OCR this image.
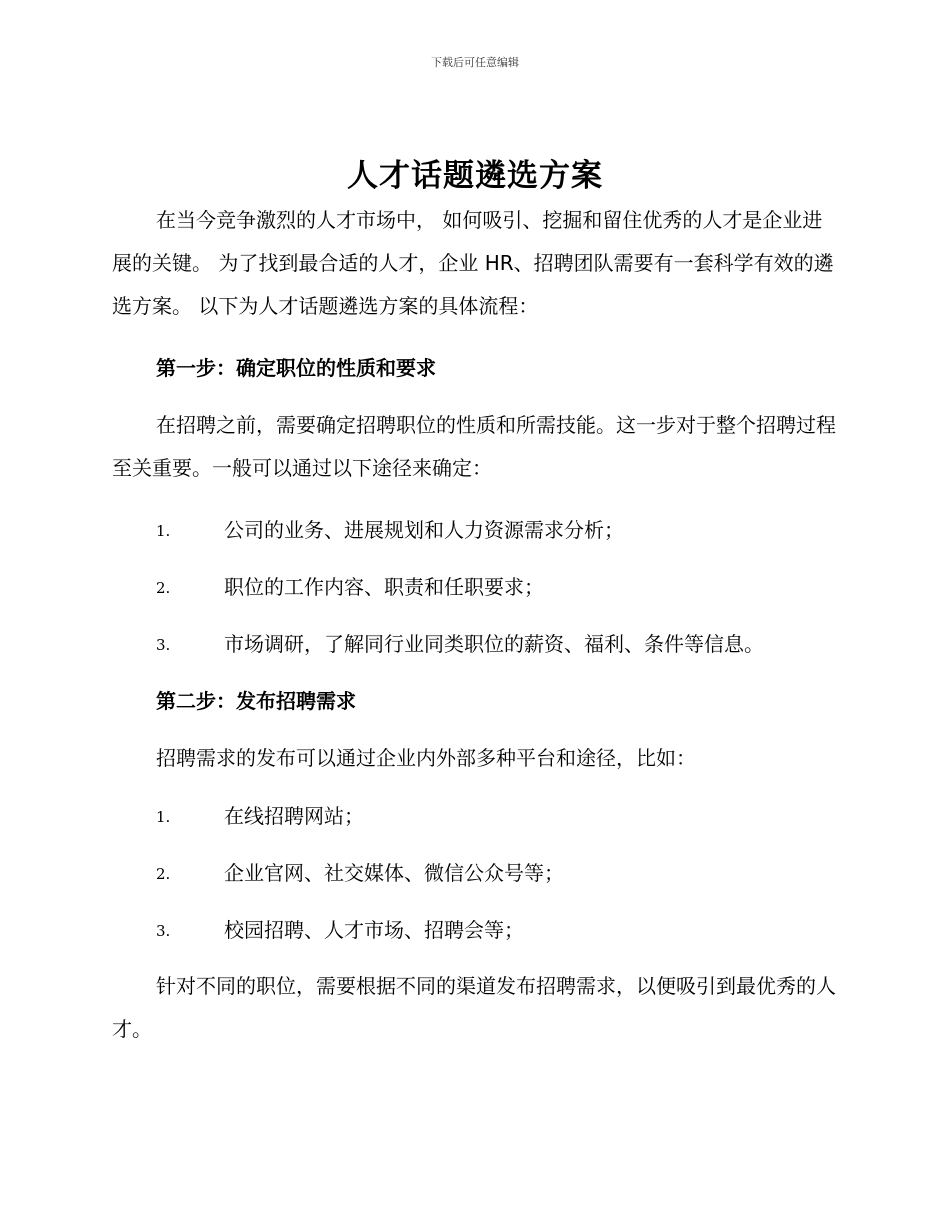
下载后可任意编辑
人才话题遴选方案
在当今竞争激烈的人才市场中， 如何吸引、挖掘和留住优秀的人才是企业进展的关键。 为了找到最合适的人才，企业 HR、招聘团队需要有一套科学有效的遴选方案。 以下为人才话题遴选方案的具体流程：
第一步：确定职位的性质和要求
在招聘之前，需要确定招聘职位的性质和所需技能。这一步对于整个招聘过程至关重要。一般可以通过以下途径来确定：
1.	公司的业务、进展规划和人力资源需求分析；
2.	职位的工作内容、职责和任职要求；
3.	市场调研，了解同行业同类职位的薪资、福利、条件等信息。
第二步：发布招聘需求
招聘需求的发布可以通过企业内外部多种平台和途径，比如：
1.	在线招聘网站；
2.	企业官网、社交媒体、微信公众号等；
3.	校园招聘、人才市场、招聘会等；
针对不同的职位，需要根据不同的渠道发布招聘需求，以便吸引到最优秀的人才。
